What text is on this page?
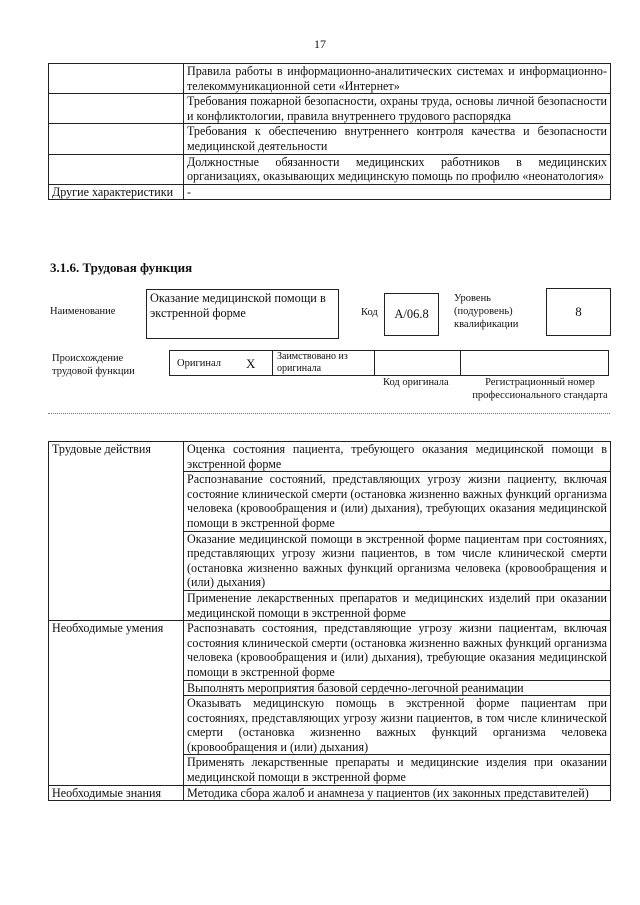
17
	Правила работы в информационно-аналитических системах и информационно-телекоммуникационной сети «Интернет»
	Требования пожарной безопасности, охраны труда, основы личной безопасности и конфликтологии, правила внутреннего трудового распорядка
	Требования к обеспечению внутреннего контроля качества и безопасности медицинской деятельности
	Должностные обязанности медицинских работников в медицинских организациях, оказывающих медицинскую помощь по профилю «неонатология»
Другие характеристики	-
3.1.6. Трудовая функция
Наименование
Оказание медицинской помощи в экстренной форме	Код	A/06.8
Уровень (подуровень) квалификации
8
Происхождение трудовой функции
Оригинал X Заимствовано из оригинала
Код оригинала	Регистрационный номер профессионального стандарта
Трудовые действия	Оценка состояния пациента, требующего оказания медицинской помощи в экстренной форме
	Распознавание состояний, представляющих угрозу жизни пациенту, включая состояние клинической смерти (остановка жизненно важных функций организма человека (кровообращения и (или) дыхания), требующих оказания медицинской помощи в экстренной форме
	Оказание медицинской помощи в экстренной форме пациентам при состояниях, представляющих угрозу жизни пациентов, в том числе клинической смерти (остановка жизненно важных функций организма человека (кровообращения и (или) дыхания)
	Применение лекарственных препаратов и медицинских изделий при оказании медицинской помощи в экстренной форме
Необходимые умения	Распознавать состояния, представляющие угрозу жизни пациентам, включая состояния клинической смерти (остановка жизненно важных функций организма человека (кровообращения и (или) дыхания), требующие оказания медицинской помощи в экстренной форме
	Выполнять мероприятия базовой сердечно-легочной реанимации
	Оказывать медицинскую помощь в экстренной форме пациентам при состояниях, представляющих угрозу жизни пациентов, в том числе клинической смерти (остановка жизненно важных функций организма человека (кровообращения и (или) дыхания)
	Применять лекарственные препараты и медицинские изделия при оказании медицинской помощи в экстренной форме
Необходимые знания	Методика сбора жалоб и анамнеза у пациентов (их законных представителей)
